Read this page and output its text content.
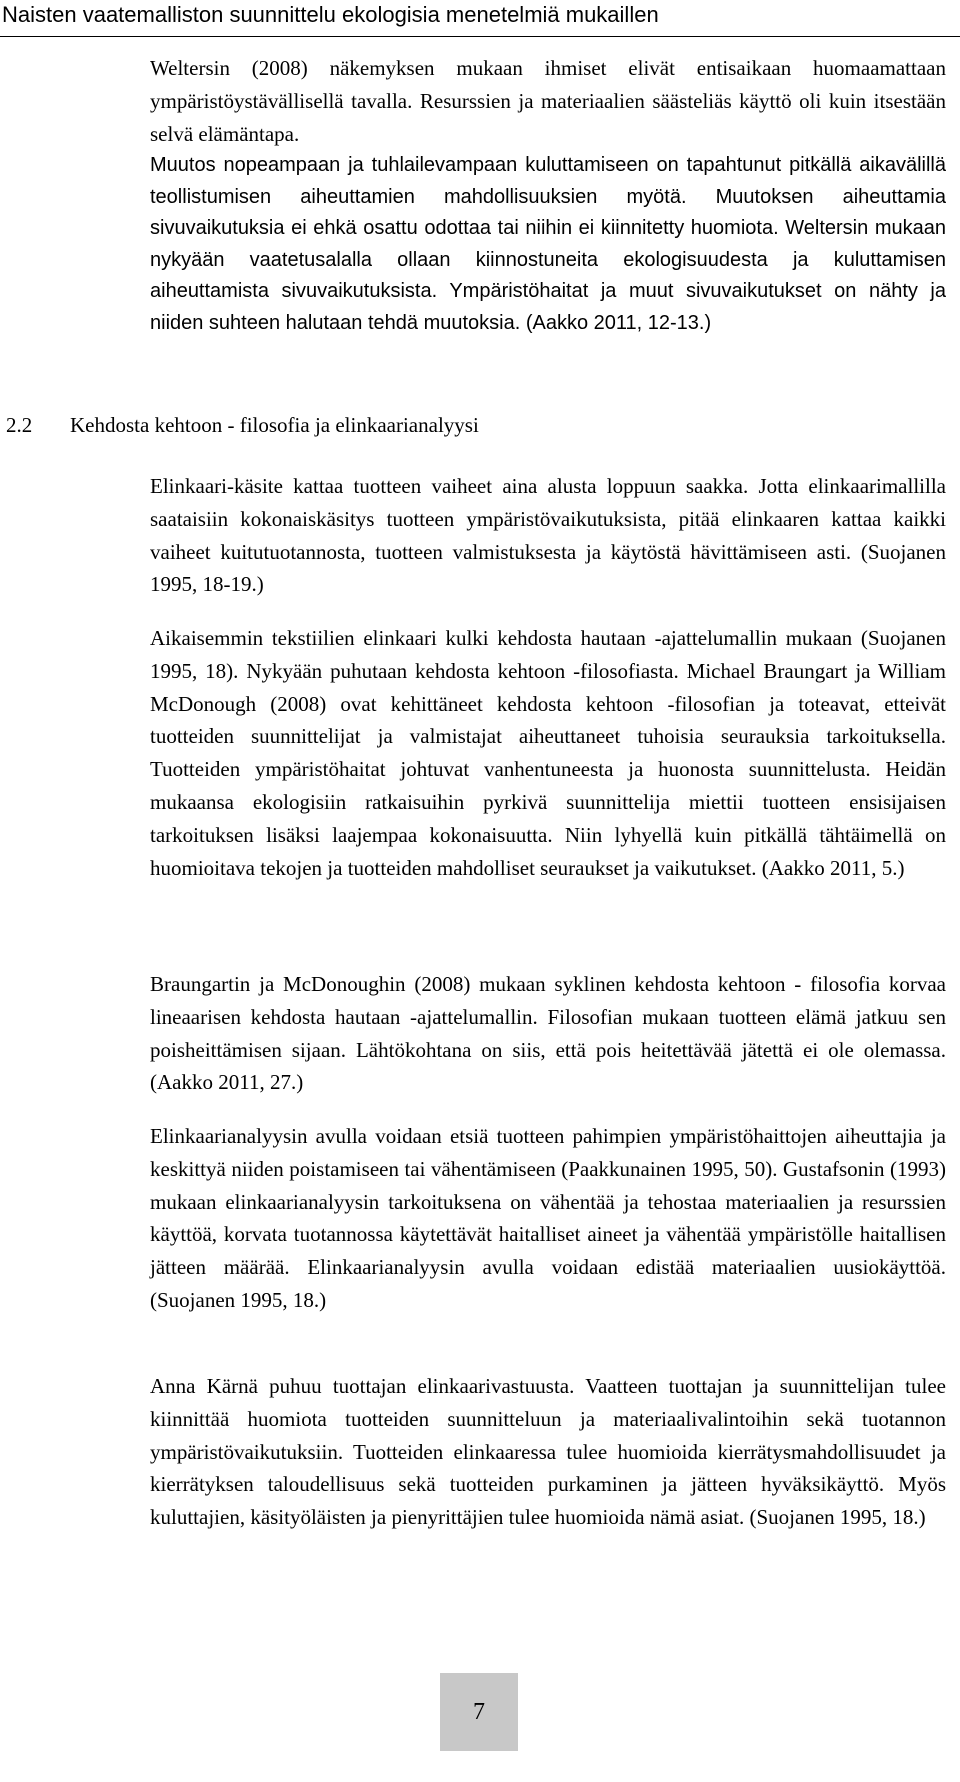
Naisten vaatemalliston suunnittelu ekologisia menetelmiä mukaillen
Weltersin (2008) näkemyksen mukaan ihmiset elivät entisaikaan huomaamattaan ympäristöystävällisellä tavalla. Resurssien ja materiaalien säästeliäs käyttö oli kuin itsestään selvä elämäntapa.
Muutos nopeampaan ja tuhlailevampaan kuluttamiseen on tapahtunut pitkällä aikavälillä teollistumisen aiheuttamien mahdollisuuksien myötä. Muutoksen aiheuttamia sivuvaikutuksia ei ehkä osattu odottaa tai niihin ei kiinnitetty huomiota. Weltersin mukaan nykyään vaatetusalalla ollaan kiinnostuneita ekologisuudesta ja kuluttamisen aiheuttamista sivuvaikutuksista. Ympäristöhaitat ja muut sivuvaikutukset on nähty ja niiden suhteen halutaan tehdä muutoksia. (Aakko 2011, 12-13.)
2.2 Kehdosta kehtoon - filosofia ja elinkaarianalyysi
Elinkaari-käsite kattaa tuotteen vaiheet aina alusta loppuun saakka. Jotta elinkaarimallilla saataisiin kokonaiskäsitys tuotteen ympäristövaikutuksista, pitää elinkaaren kattaa kaikki vaiheet kuitutuotannosta, tuotteen valmistuksesta ja käytöstä hävittämiseen asti. (Suojanen 1995, 18-19.)
Aikaisemmin tekstiilien elinkaari kulki kehdosta hautaan -ajattelumallin mukaan (Suojanen 1995, 18). Nykyään puhutaan kehdosta kehtoon -filosofiasta. Michael Braungart ja William McDonough (2008) ovat kehittäneet kehdosta kehtoon -filosofian ja toteavat, etteivät tuotteiden suunnittelijat ja valmistajat aiheuttaneet tuhoisia seurauksia tarkoituksella. Tuotteiden ympäristöhaitat johtuvat vanhentuneesta ja huonosta suunnittelusta. Heidän mukaansa ekologisiin ratkaisuihin pyrkivä suunnittelija miettii tuotteen ensisijaisen tarkoituksen lisäksi laajempaa kokonaisuutta. Niin lyhyellä kuin pitkällä tähtäimellä on huomioitava tekojen ja tuotteiden mahdolliset seuraukset ja vaikutukset. (Aakko 2011, 5.)
Braungartin ja McDonoughin (2008) mukaan syklinen kehdosta kehtoon - filosofia korvaa lineaarisen kehdosta hautaan -ajattelumallin. Filosofian mukaan tuotteen elämä jatkuu sen poisheittämisen sijaan. Lähtökohtana on siis, että pois heitettävää jätettä ei ole olemassa. (Aakko 2011, 27.)
Elinkaarianalyysin avulla voidaan etsiä tuotteen pahimpien ympäristöhaittojen aiheuttajia ja keskittyä niiden poistamiseen tai vähentämiseen (Paakkunainen 1995, 50). Gustafsonin (1993) mukaan elinkaarianalyysin tarkoituksena on vähentää ja tehostaa materiaalien ja resurssien käyttöä, korvata tuotannossa käytettävät haitalliset aineet ja vähentää ympäristölle haitallisen jätteen määrää. Elinkaarianalyysin avulla voidaan edistää materiaalien uusiokäyttöä. (Suojanen 1995, 18.)
Anna Kärnä puhuu tuottajan elinkaarivastuusta. Vaatteen tuottajan ja suunnittelijan tulee kiinnittää huomiota tuotteiden suunnitteluun ja materiaalivalintoihin sekä tuotannon ympäristövaikutuksiin. Tuotteiden elinkaaressa tulee huomioida kierrätysmahdollisuudet ja kierrätyksen taloudellisuus sekä tuotteiden purkaminen ja jätteen hyväksikäyttö. Myös kuluttajien, käsityöläisten ja pienyrittäjien tulee huomioida nämä asiat. (Suojanen 1995, 18.)
7
